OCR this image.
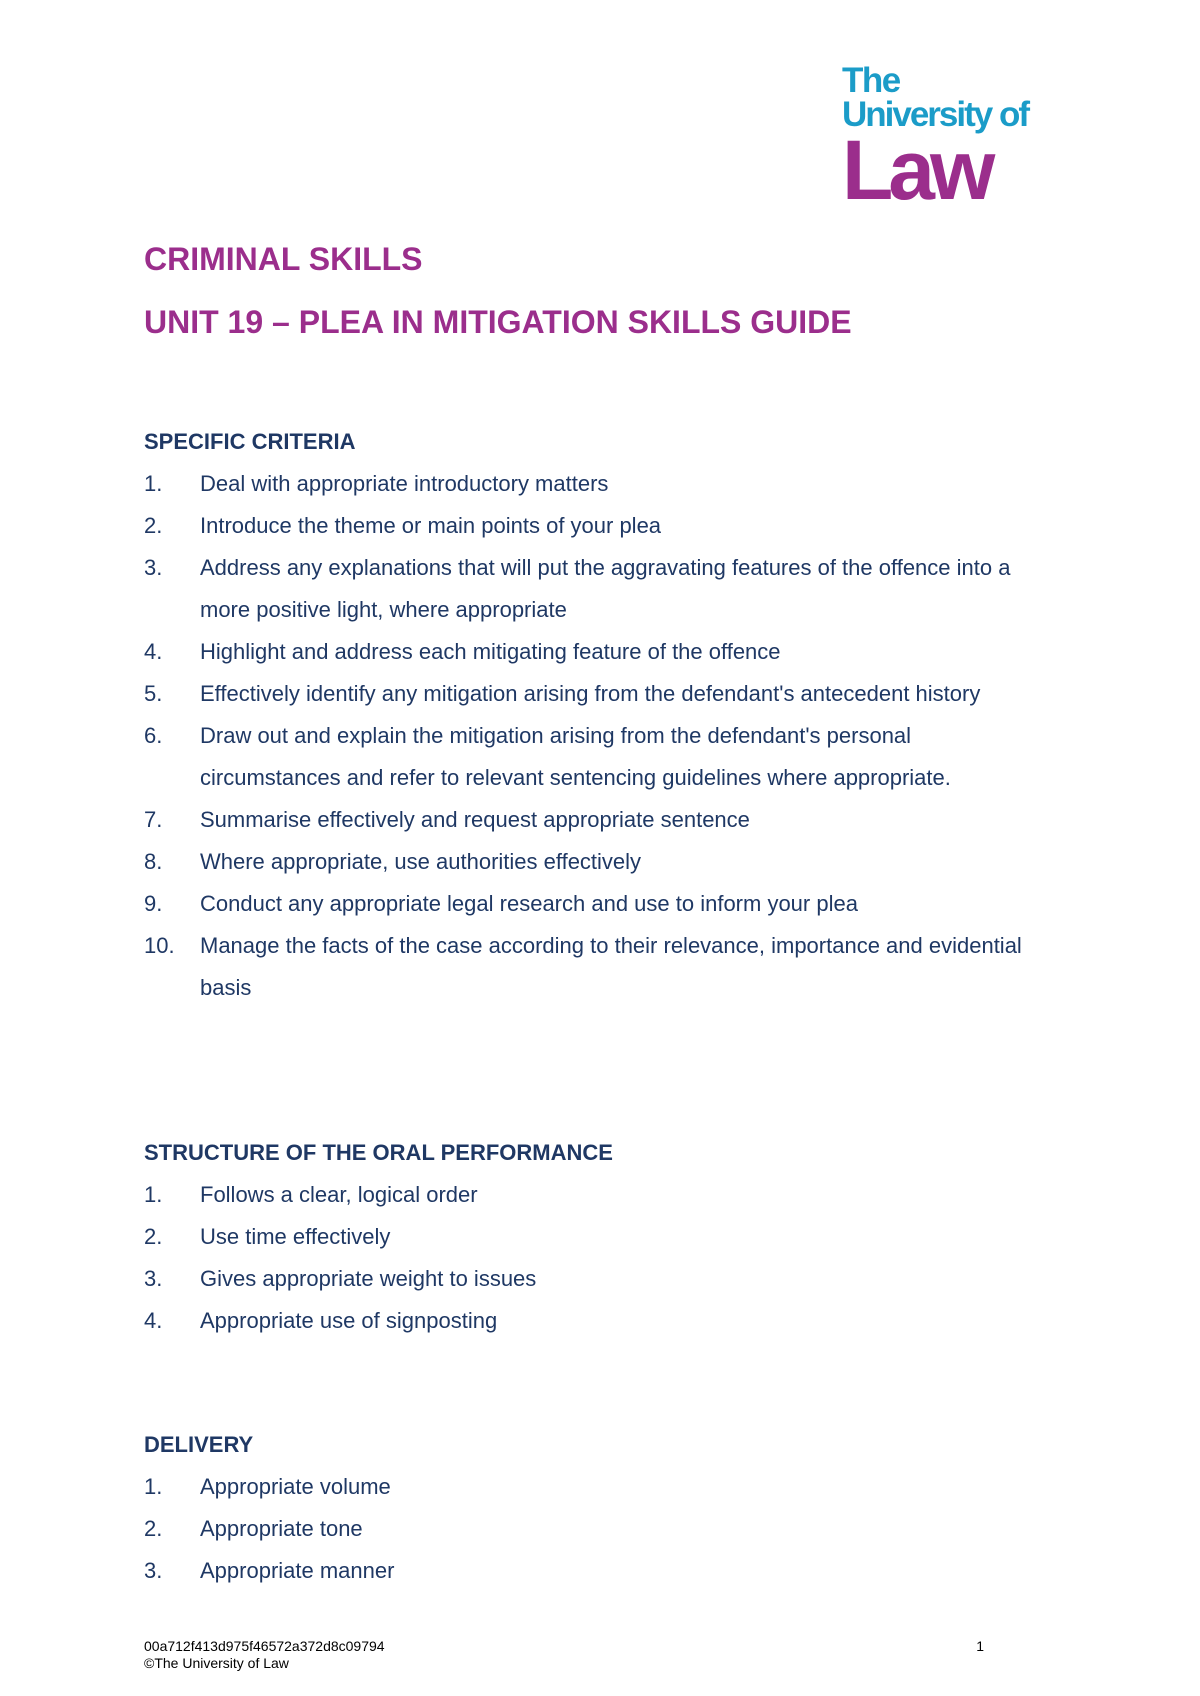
The
University of
Law
CRIMINAL SKILLS
UNIT 19 – PLEA IN MITIGATION SKILLS GUIDE
SPECIFIC CRITERIA
1. Deal with appropriate introductory matters
2. Introduce the theme or main points of your plea
3. Address any explanations that will put the aggravating features of the offence into a more positive light, where appropriate
4. Highlight and address each mitigating feature of the offence
5. Effectively identify any mitigation arising from the defendant's antecedent history
6. Draw out and explain the mitigation arising from the defendant's personal circumstances and refer to relevant sentencing guidelines where appropriate.
7. Summarise effectively and request appropriate sentence
8. Where appropriate, use authorities effectively
9. Conduct any appropriate legal research and use to inform your plea
10. Manage the facts of the case according to their relevance, importance and evidential basis
STRUCTURE OF THE ORAL PERFORMANCE
1. Follows a clear, logical order
2. Use time effectively
3. Gives appropriate weight to issues
4. Appropriate use of signposting
DELIVERY
1. Appropriate volume
2. Appropriate tone
3. Appropriate manner
00a712f413d975f46572a372d8c09794
©The University of Law
1
